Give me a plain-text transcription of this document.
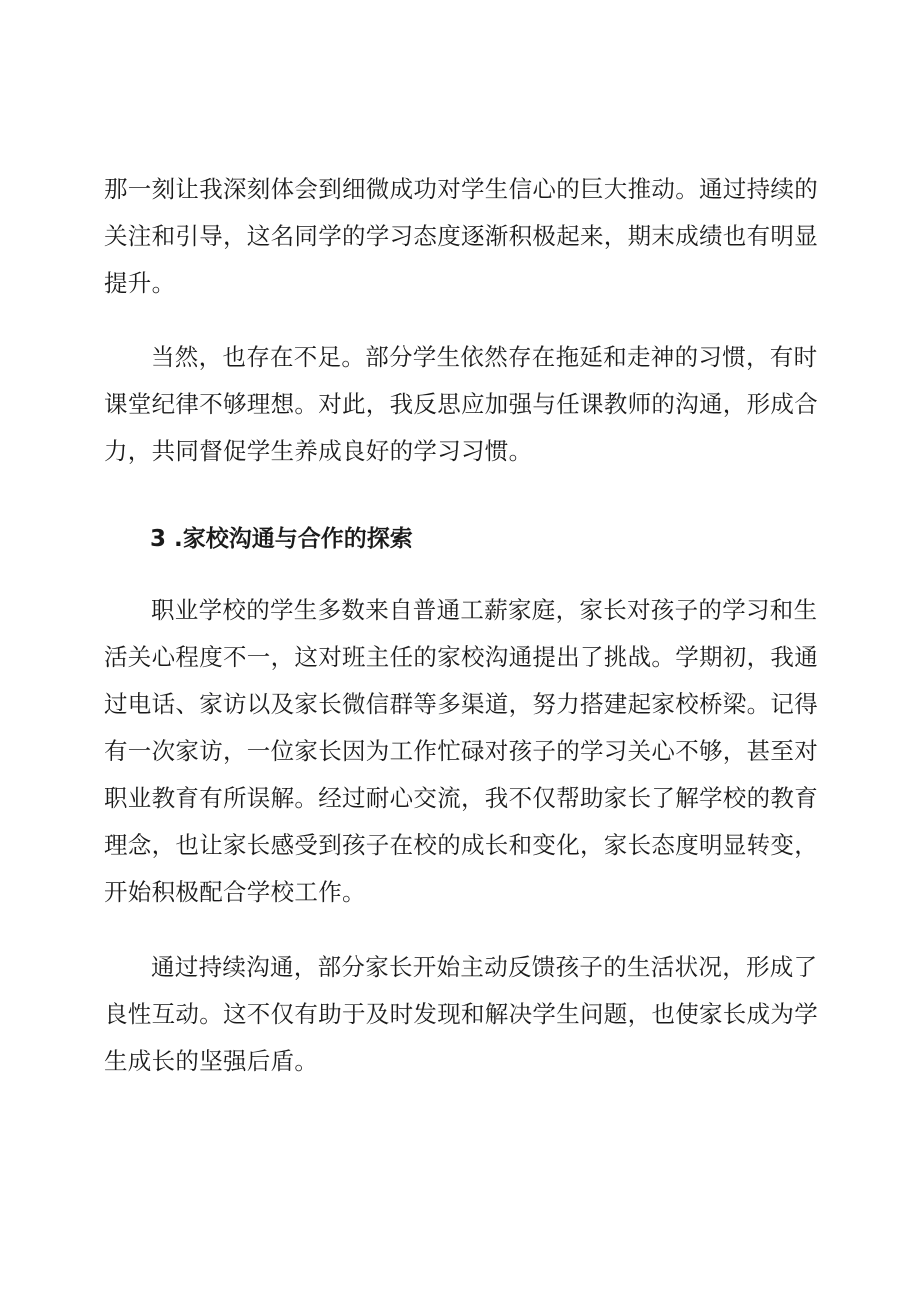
那一刻让我深刻体会到细微成功对学生信心的巨大推动。通过持续的关注和引导，这名同学的学习态度逐渐积极起来，期末成绩也有明显提升。

当然，也存在不足。部分学生依然存在拖延和走神的习惯，有时课堂纪律不够理想。对此，我反思应加强与任课教师的沟通，形成合力，共同督促学生养成良好的学习习惯。

3 .家校沟通与合作的探索

职业学校的学生多数来自普通工薪家庭，家长对孩子的学习和生活关心程度不一，这对班主任的家校沟通提出了挑战。学期初，我通过电话、家访以及家长微信群等多渠道，努力搭建起家校桥梁。记得有一次家访，一位家长因为工作忙碌对孩子的学习关心不够，甚至对职业教育有所误解。经过耐心交流，我不仅帮助家长了解学校的教育理念，也让家长感受到孩子在校的成长和变化，家长态度明显转变，开始积极配合学校工作。

通过持续沟通，部分家长开始主动反馈孩子的生活状况，形成了良性互动。这不仅有助于及时发现和解决学生问题，也使家长成为学生成长的坚强后盾。
